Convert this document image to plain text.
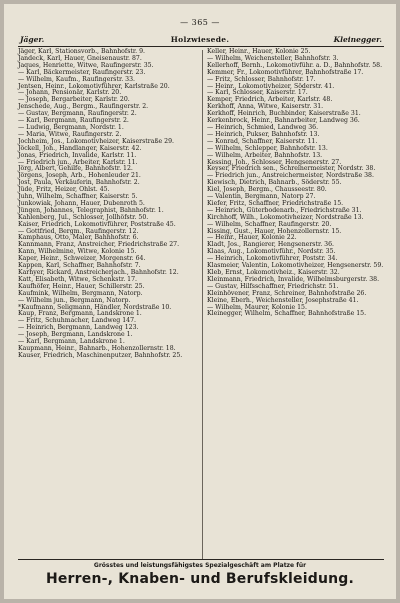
— 365 —
Jäger.	Holzwiesede.	Kleinegger.
Jäger, Karl, Stationsvorb., Bahnhofstr. 9.
Jandeck, Karl, Hauer, Gneisenaustr. 87.
Jaques, Henriette, Witwe, Raufingerstr. 35.
— Karl, Bäckermeister, Raufingerstr. 23.
— Wilhelm, Kaufm., Raufingerstr. 33.
Jentsen, Heinr., Lokomotivführer, Karlstraße 20.
— Johann, Pensionär, Karlstr. 20.
— Joseph, Bergarbeiter, Karlstr. 20.
Jenschede, Aug., Bergm., Raufingerstr. 2.
— Gustav, Bergmann, Raufingerstr. 2.
— Karl, Bergmann, Raufingerstr. 2.
— Ludwig, Bergmann, Nordstr. 1.
— Maria, Witwe, Raufingerstr. 2.
Jochheim, Jos., Lokomotivheizer, Kaiserstraße 29.
Jöckell, Joh., Handlanger, Kaiserstr. 42.
Jonas, Friedrich, Invalide, Karlstr. 11.
— Friedrich jun., Arbeiter, Karlstr. 11.
Jörg, Albert, Gehilfe, Bahnhofstr. 12.
Jörgens, Joseph, Arb., Hohenleuder 21.
Jost, Paula, Verkäuferin, Bahnhofstr. 2.
Jüde, Fritz, Heizer, Ohlst. 45.
Juhn, Wilhelm, Schaffner, Kaiserstr. 5.
Junkowiak, Johann, Hauer, Dubenroth 5.
Jüngen, Johannes, Telegraphist, Bahnhofstr. 1.
Kahlenberg, Jul., Schlosser, Jollhöfstr. 50.
Kaiser, Friedrich, Lokomotivführer, Poststraße 45.
— Gottfried, Bergm., Raufingerstr. 12.
Kamphaus, Otto, Maler, Bahnhofstr. 6.
Kannmann, Franz, Anstreicher, Friedrichstraße 27.
Kann, Wilhelmine, Witwe, Kolonie 15.
Kaper, Heinr., Schweizer, Morgenstr. 64.
Kappen, Karl, Schaffner, Bahnhofstr. 7.
Karhyer, Rickard, Anstreicherjach., Bahnhofstr. 12.
Katt, Elisabeth, Witwe, Schenkstr. 17.
Kaufhöfer, Heinr., Hauer, Schillerstr. 25.
Kaufmink, Wilhelm, Bergmann, Natorp.
— Wilhelm jun., Bergmann, Natorp.
*Kaufmann, Seligmann, Händler, Nordstraße 10.
Kaup, Franz, Bergmann, Landskrone 1.
— Fritz, Schuhmacher, Landweg 147.
— Heinrich, Bergmann, Landweg 123.
— Joseph, Bergmann, Landskrone 1.
— Karl, Bergmann, Landskrone 1.
Kaupmann, Heinr., Bahnarb., Hohenzollernstr. 18.
Kauser, Friedrich, Maschinenputzer, Bahnhofstr. 25.
Keller, Heinr., Hauer, Kolonie 25.
— Wilhelm, Weichensteller, Bahnhofstr. 3.
Kellerhoff, Bernh., Lokomotivführ. a. D., Bahnhofstr. 58.
Kemmer, Fr., Lokomotivführer, Bahnhofstraße 17.
— Fritz, Schlosser, Bahnhofstr. 17.
— Heinr., Lokomotivheizer, Söderstr. 41.
— Karl, Schlosser, Kaiserstr. 17.
Kemper, Friedrich, Arbeiter, Karlstr. 48.
Kerkhoff, Anna, Witwe, Kaiserstr. 31.
Kerkhoff, Heinrich, Buchbinder, Kaiserstraße 31.
Kerkenbrock, Heinr., Bahnarbeiter, Landweg 36.
— Heinrich, Schmied, Landweg 36.
— Heinrich, Pukser, Bahnhofstr. 13.
— Konrad, Schaffner, Kaiserstr. 11.
— Wilhelm, Schlepper, Bahnhofstr. 13.
— Wilhelm, Arbeiter, Bahnhofstr. 13.
Kessing, Joh., Schlosser, Hengsenerstr. 27.
Keyser, Friedrich sen., Schreinermeister, Nordstr. 38.
— Friedrich jun., Anstreichermeister, Nordstraße 38.
Kiewisch, Dietrich, Bahnarb., Söderstr. 55.
Kiel, Joseph, Bergm., Chausseestr. 80.
— Valentin, Bergmann, Natorp 27.
Kiefer, Fritz, Schaffner, Friedrichstraße 15.
— Heinrich, Güterbodenarb., Friedrichstraße 31.
Kirchhoff, Wilh., Lokomotivheizer, Nordstraße 13.
— Wilhelm, Schaffner, Raufingerstr. 20.
Kissing, Gust., Hauer, Hohenzollernstr. 15.
— Heinr., Hauer, Kolonie 22.
Kladt, Jos., Rangierer, Hengsenerstr. 36.
Klaas, Aug., Lokomotivführ., Nordstr. 35.
— Heinrich, Lokomotivführer, Poststr. 34.
Klasmeier, Valentin, Lokomotivheizer, Hengsenerstr. 59.
Kleb, Ernst, Lokomotivheiz., Kaiserstr. 32.
Kleinmann, Friedrich, Invalide, Wilhelmsburgerstr. 38.
— Gustav, Hilfsschaffner, Friedrichstr. 51.
Kleinhövener, Franz, Schreiner, Bahnhofstraße 26.
Kleine, Eberh., Weichensteller, Josephstraße 41.
— Wilhelm, Maurer, Kolonie 15.
Kleinegger, Wilhelm, Schaffner, Bahnhofstraße 15.
Grösstes und leistungsfähigstes Spezialgeschäft am Platze für
Herren-, Knaben- und Berufskleidung.
